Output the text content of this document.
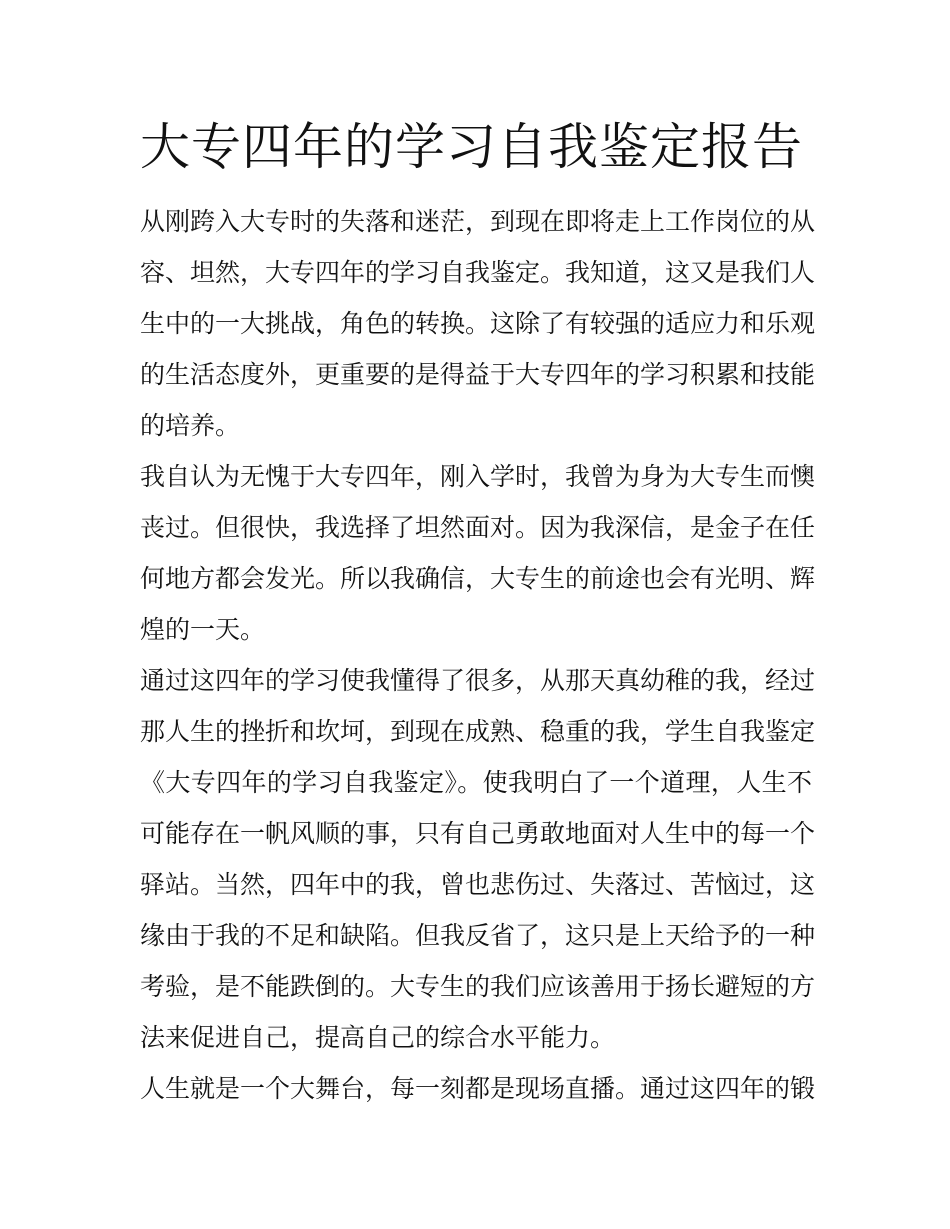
大专四年的学习自我鉴定报告

从刚跨入大专时的失落和迷茫，到现在即将走上工作岗位的从
容、坦然，大专四年的学习自我鉴定。我知道，这又是我们人
生中的一大挑战，角色的转换。这除了有较强的适应力和乐观
的生活态度外，更重要的是得益于大专四年的学习积累和技能
的培养。

我自认为无愧于大专四年，刚入学时，我曾为身为大专生而懊
丧过。但很快，我选择了坦然面对。因为我深信，是金子在任
何地方都会发光。所以我确信，大专生的前途也会有光明、辉
煌的一天。

通过这四年的学习使我懂得了很多，从那天真幼稚的我，经过
那人生的挫折和坎坷，到现在成熟、稳重的我，学生自我鉴定
《大专四年的学习自我鉴定》。使我明白了一个道理，人生不
可能存在一帆风顺的事，只有自己勇敢地面对人生中的每一个
驿站。当然，四年中的我，曾也悲伤过、失落过、苦恼过，这
缘由于我的不足和缺陷。但我反省了，这只是上天给予的一种
考验，是不能跌倒的。大专生的我们应该善用于扬长避短的方
法来促进自己，提高自己的综合水平能力。

人生就是一个大舞台，每一刻都是现场直播。通过这四年的锻
